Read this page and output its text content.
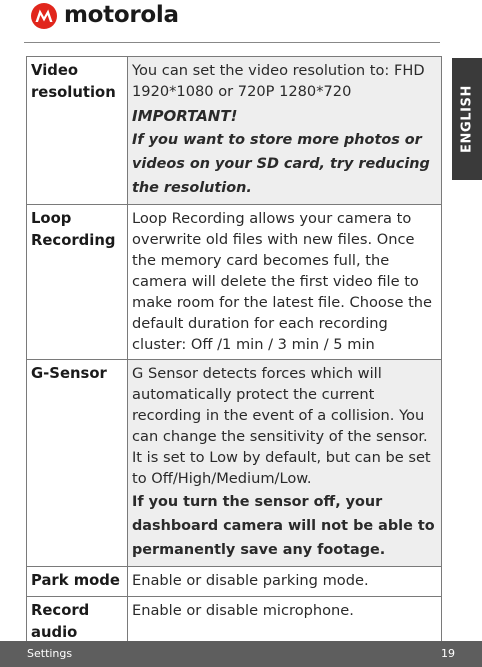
motorola
ENGLISH
Video resolution	You can set the video resolution to: FHD 1920*1080 or 720P 1280*720
IMPORTANT!
If you want to store more photos or videos on your SD card, try reducing the resolution.

Loop Recording	Loop Recording allows your camera to overwrite old files with new files. Once the memory card becomes full, the camera will delete the first video file to make room for the latest file. Choose the default duration for each recording cluster: Off /1 min / 3 min / 5 min

G-Sensor	G Sensor detects forces which will automatically protect the current recording in the event of a collision. You can change the sensitivity of the sensor. It is set to Low by default, but can be set to Off/High/Medium/Low.
If you turn the sensor off, your dashboard camera will not be able to permanently save any footage.

Park mode	Enable or disable parking mode.

Record audio	Enable or disable microphone.
Settings	19
